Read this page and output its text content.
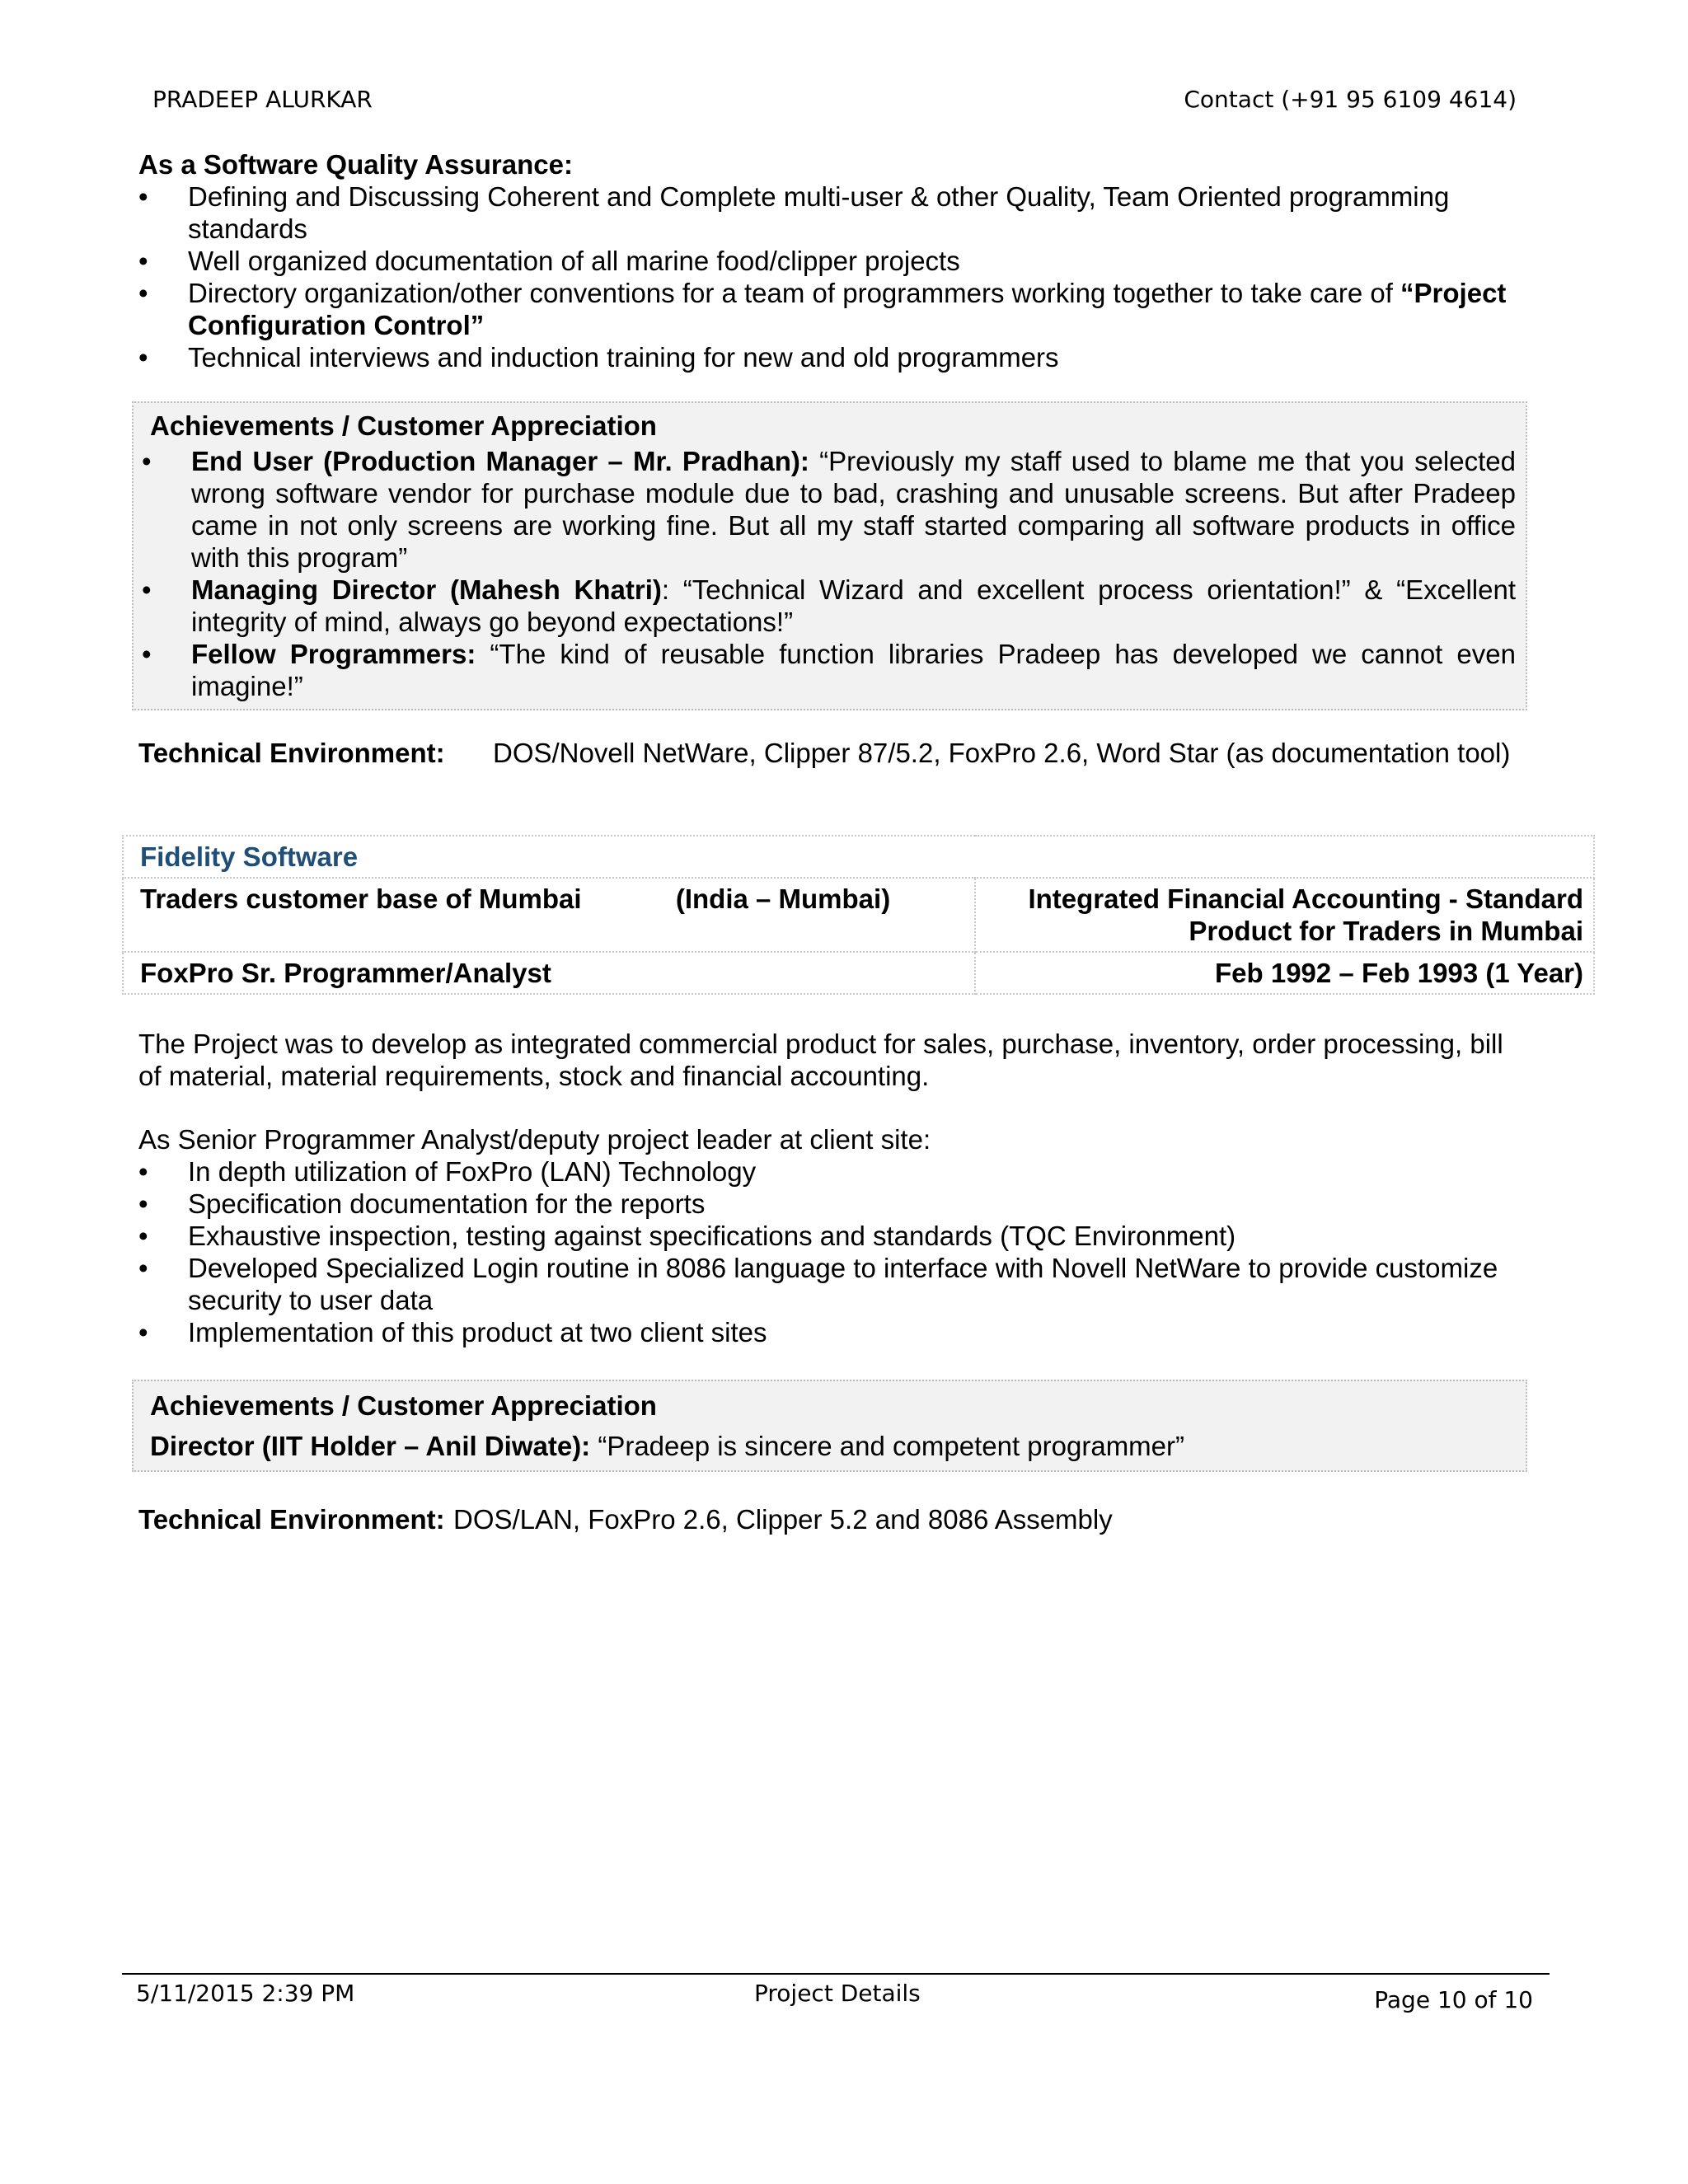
PRADEEP ALURKAR	Contact (+91 95 6109 4614)
As a Software Quality Assurance:
• Defining and Discussing Coherent and Complete multi-user & other Quality, Team Oriented programming standards
• Well organized documentation of all marine food/clipper projects
• Directory organization/other conventions for a team of programmers working together to take care of “Project Configuration Control”
• Technical interviews and induction training for new and old programmers
Achievements / Customer Appreciation
• End User (Production Manager – Mr. Pradhan): “Previously my staff used to blame me that you selected wrong software vendor for purchase module due to bad, crashing and unusable screens. But after Pradeep came in not only screens are working fine. But all my staff started comparing all software products in office with this program”
• Managing Director (Mahesh Khatri): “Technical Wizard and excellent process orientation!” & “Excellent integrity of mind, always go beyond expectations!”
• Fellow Programmers: “The kind of reusable function libraries Pradeep has developed we cannot even imagine!”
Technical Environment:	DOS/Novell NetWare, Clipper 87/5.2, FoxPro 2.6, Word Star (as documentation tool)
Fidelity Software	
Traders customer base of Mumbai (India – Mumbai)	Integrated Financial Accounting - Standard Product for Traders in Mumbai
FoxPro Sr. Programmer/Analyst	Feb 1992 – Feb 1993 (1 Year)
The Project was to develop as integrated commercial product for sales, purchase, inventory, order processing, bill of material, material requirements, stock and financial accounting.
As Senior Programmer Analyst/deputy project leader at client site:
• In depth utilization of FoxPro (LAN) Technology
• Specification documentation for the reports
• Exhaustive inspection, testing against specifications and standards (TQC Environment)
• Developed Specialized Login routine in 8086 language to interface with Novell NetWare to provide customize security to user data
• Implementation of this product at two client sites
Achievements / Customer Appreciation
Director (IIT Holder – Anil Diwate): “Pradeep is sincere and competent programmer”
Technical Environment: DOS/LAN, FoxPro 2.6, Clipper 5.2 and 8086 Assembly
5/11/2015 2:39 PM	Project Details	Page 10 of 10
